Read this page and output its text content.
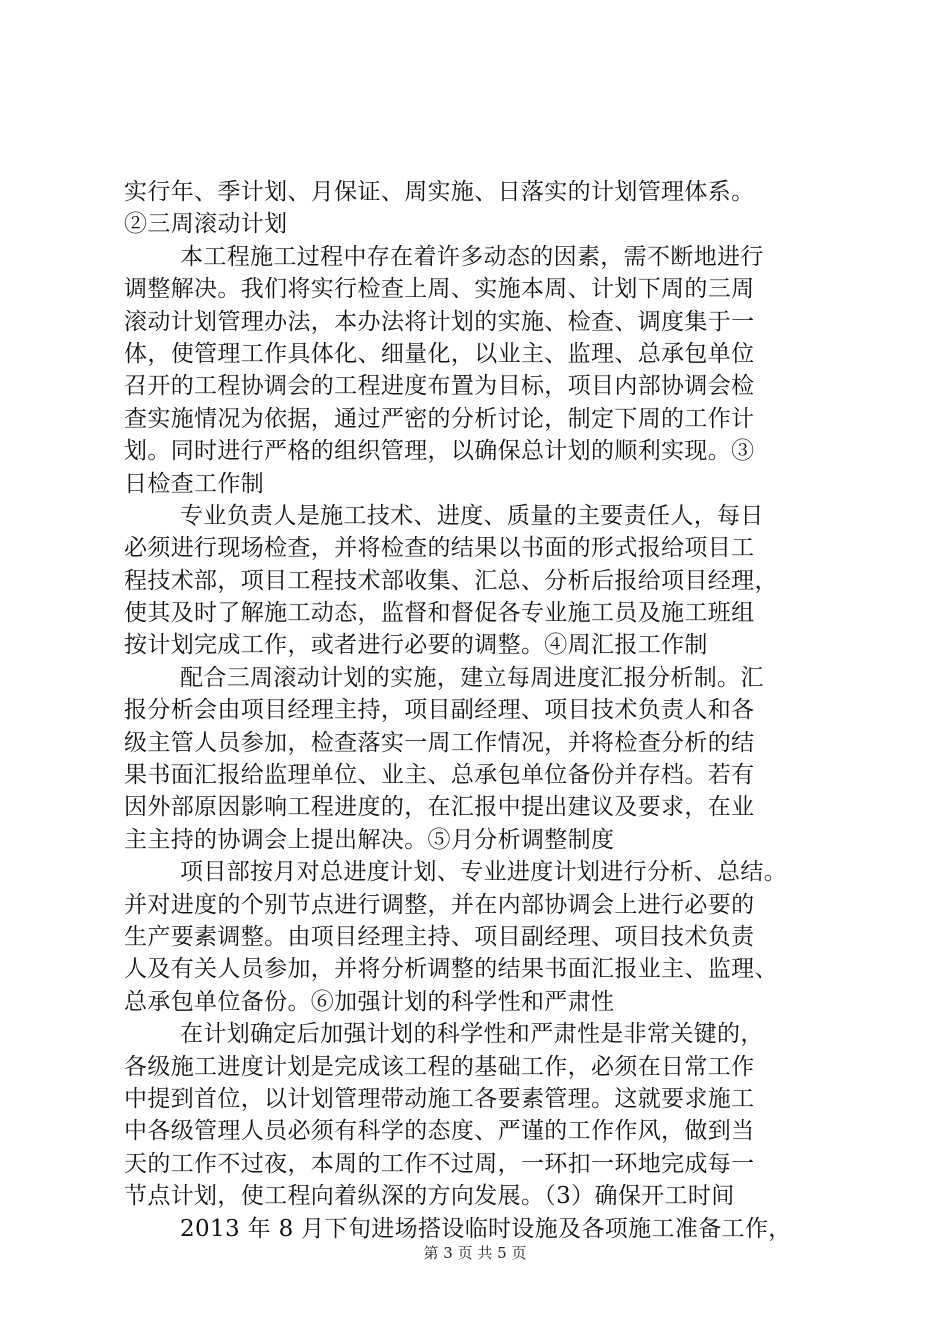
实行年、季计划、月保证、周实施、日落实的计划管理体系。
②三周滚动计划
本工程施工过程中存在着许多动态的因素，需不断地进行
调整解决。我们将实行检查上周、实施本周、计划下周的三周
滚动计划管理办法，本办法将计划的实施、检查、调度集于一
体，使管理工作具体化、细量化，以业主、监理、总承包单位
召开的工程协调会的工程进度布置为目标，项目内部协调会检
查实施情况为依据，通过严密的分析讨论，制定下周的工作计
划。同时进行严格的组织管理，以确保总计划的顺利实现。③
日检查工作制
专业负责人是施工技术、进度、质量的主要责任人，每日
必须进行现场检查，并将检查的结果以书面的形式报给项目工
程技术部，项目工程技术部收集、汇总、分析后报给项目经理，
使其及时了解施工动态，监督和督促各专业施工员及施工班组
按计划完成工作，或者进行必要的调整。④周汇报工作制
配合三周滚动计划的实施，建立每周进度汇报分析制。汇
报分析会由项目经理主持，项目副经理、项目技术负责人和各
级主管人员参加，检查落实一周工作情况，并将检查分析的结
果书面汇报给监理单位、业主、总承包单位备份并存档。若有
因外部原因影响工程进度的，在汇报中提出建议及要求，在业
主主持的协调会上提出解决。⑤月分析调整制度
项目部按月对总进度计划、专业进度计划进行分析、总结。
并对进度的个别节点进行调整，并在内部协调会上进行必要的
生产要素调整。由项目经理主持、项目副经理、项目技术负责
人及有关人员参加，并将分析调整的结果书面汇报业主、监理、
总承包单位备份。⑥加强计划的科学性和严肃性
在计划确定后加强计划的科学性和严肃性是非常关键的，
各级施工进度计划是完成该工程的基础工作，必须在日常工作
中提到首位，以计划管理带动施工各要素管理。这就要求施工
中各级管理人员必须有科学的态度、严谨的工作作风，做到当
天的工作不过夜，本周的工作不过周，一环扣一环地完成每一
节点计划，使工程向着纵深的方向发展。（3）确保开工时间
2013 年 8 月下旬进场搭设临时设施及各项施工准备工作，
第 3 页 共 5 页
